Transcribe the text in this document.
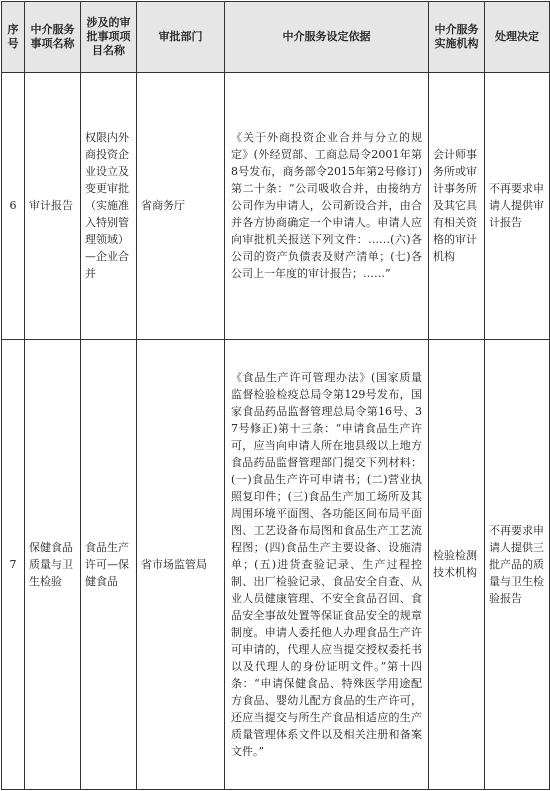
序号	中介服务事项名称	涉及的审批事项项目名称	审批部门	中介服务设定依据	中介服务实施机构	处理决定
6	审计报告	权限内外商投资企业设立及变更审批（实施准入特别管理领域）—企业合并	省商务厅	《关于外商投资企业合并与分立的规定》(外经贸部、工商总局令2001年第8号发布，商务部令2015年第2号修订)第二十条：“公司吸收合并，由接纳方公司作为申请人，公司新设合并，由合并各方协商确定一个申请人。申请人应向审批机关报送下列文件：……(六)各公司的资产负债表及财产清单；(七)各公司上一年度的审计报告；……”	会计师事务所或审计事务所及其它具有相关资格的审计机构	不再要求申请人提供审计报告
7	保健食品质量与卫生检验	食品生产许可—保健食品	省市场监管局	《食品生产许可管理办法》(国家质量监督检验检疫总局令第129号发布，国家食品药品监督管理总局令第16号、37号修正)第十三条：“申请食品生产许可，应当向申请人所在地县级以上地方食品药品监督管理部门提交下列材料：(一)食品生产许可申请书；(二)营业执照复印件；(三)食品生产加工场所及其周围环境平面图、各功能区间布局平面图、工艺设备布局图和食品生产工艺流程图；(四)食品生产主要设备、设施清单；(五)进货查验记录、生产过程控制、出厂检验记录、食品安全自查、从业人员健康管理、不安全食品召回、食品安全事故处置等保证食品安全的规章制度。申请人委托他人办理食品生产许可申请的，代理人应当提交授权委托书以及代理人的身份证明文件。”第十四条：“申请保健食品、特殊医学用途配方食品、婴幼儿配方食品的生产许可，还应当提交与所生产食品相适应的生产质量管理体系文件以及相关注册和备案文件。”	检验检测技术机构	不再要求申请人提供三批产品的质量与卫生检验报告
